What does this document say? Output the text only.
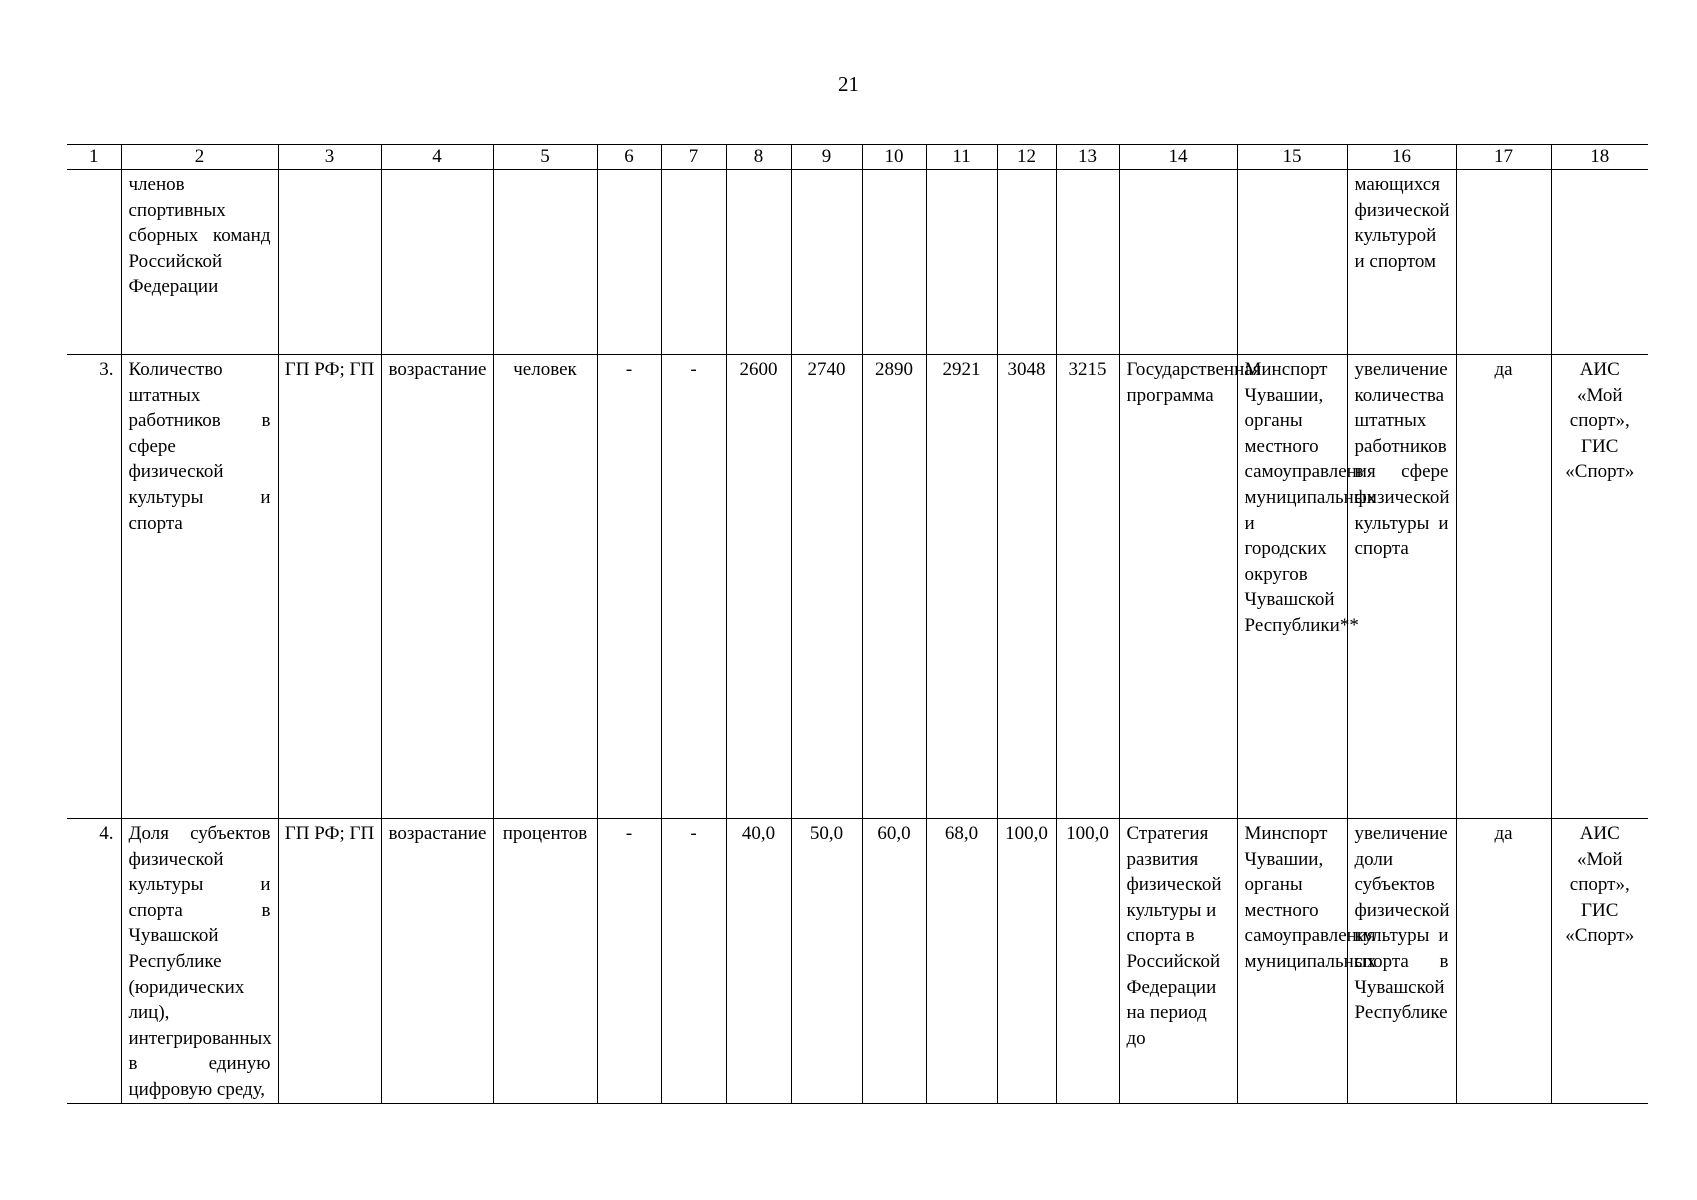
21
1	2	3	4	5	6	7	8	9	10	11	12	13	14	15	16	17	18
	членов спортивных сборных команд Российской Федерации														мающихся физической культурой и спортом		
3.	Количество штатных работников в сфере физической культуры и спорта	ГП РФ; ГП	возрастание	человек	-	-	2600	2740	2890	2921	3048	3215	Государственная программа	Минспорт Чувашии, органы местного самоуправления муниципальных и городских округов Чувашской Республики**	увеличение количества штатных работников в сфере физической культуры и спорта	да	АИС «Мой спорт», ГИС «Спорт»
4.	Доля субъектов физической культуры и спорта в Чувашской Республике (юридических лиц), интегрированных в единую цифровую среду,	ГП РФ; ГП	возрастание	процентов	-	-	40,0	50,0	60,0	68,0	100,0	100,0	Стратегия развития физической культуры и спорта в Российской Федерации на период до	Минспорт Чувашии, органы местного самоуправления муниципальных	увеличение доли субъектов физической культуры и спорта в Чувашской Республике	да	АИС «Мой спорт», ГИС «Спорт»
